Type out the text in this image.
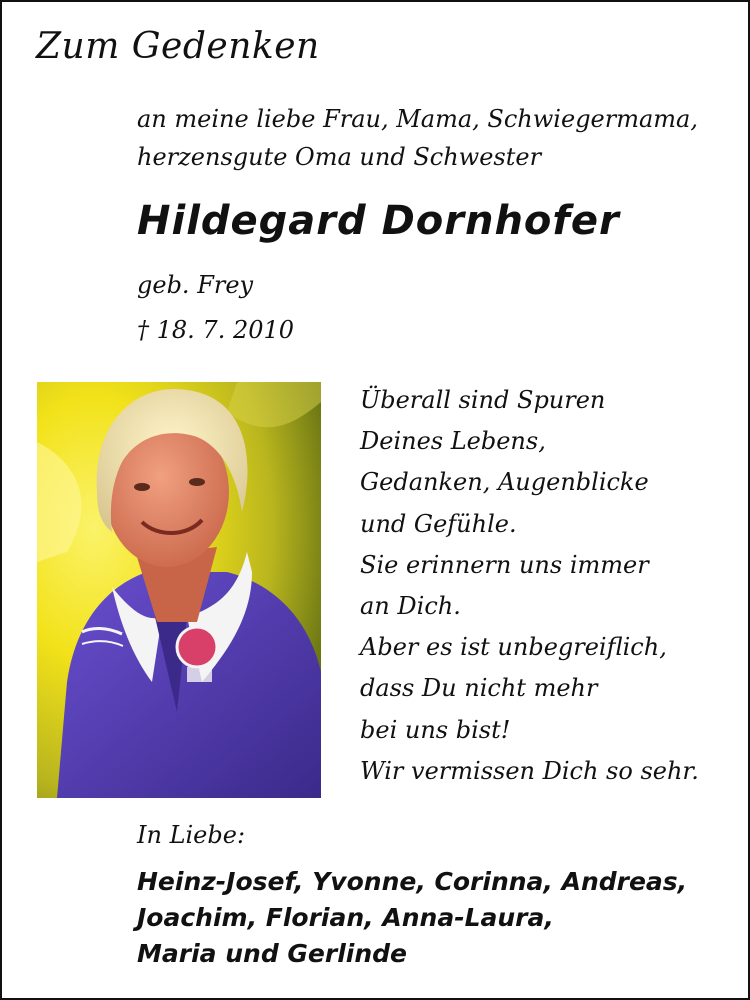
Zum Gedenken
an meine liebe Frau, Mama, Schwiegermama,
herzensgute Oma und Schwester
Hildegard Dornhofer
geb. Frey
† 18. 7. 2010
Überall sind Spuren
Deines Lebens,
Gedanken, Augenblicke
und Gefühle.
Sie erinnern uns immer
an Dich.
Aber es ist unbegreiflich,
dass Du nicht mehr
bei uns bist!
Wir vermissen Dich so sehr.
In Liebe:
Heinz-Josef, Yvonne, Corinna, Andreas,
Joachim, Florian, Anna-Laura,
Maria und Gerlinde
